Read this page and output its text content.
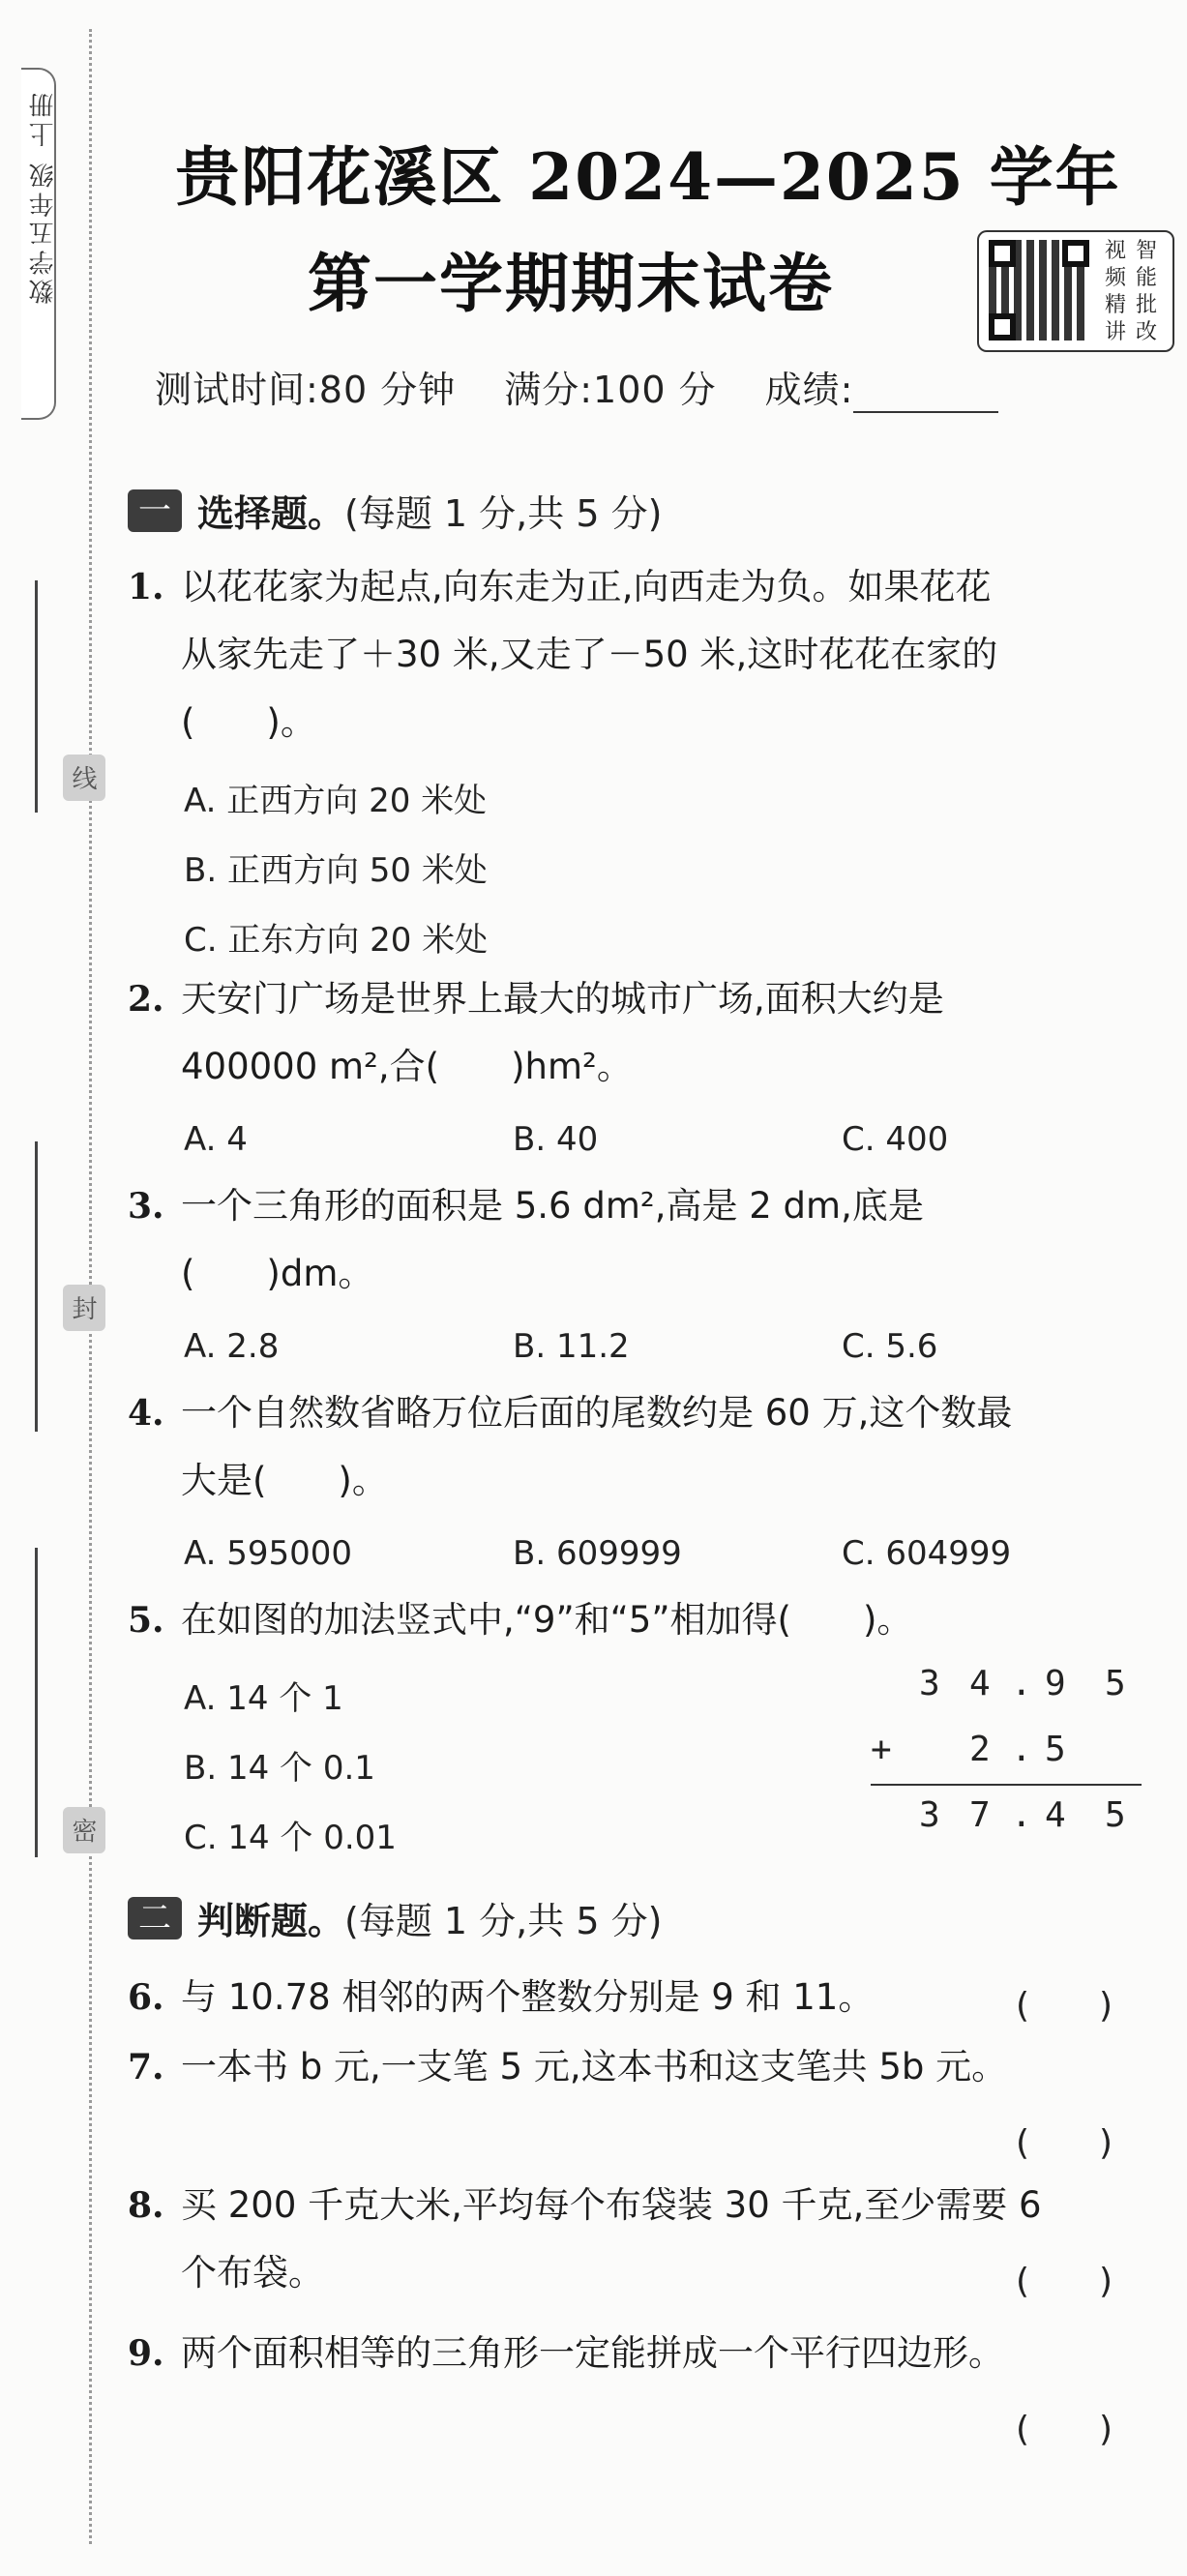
数学五年级 上册
线
封
密
贵阳花溪区 2024—2025 学年
第一学期期末试卷	视 智
频 能
精 批
讲 改
测试时间:80 分钟 满分:100 分 成绩:
一 选择题。(每题 1 分,共 5 分)
1. 以花花家为起点,向东走为正,向西走为负。如果花花
从家先走了＋30 米,又走了－50 米,这时花花在家的
(　　)。
A. 正西方向 20 米处
B. 正西方向 50 米处
C. 正东方向 20 米处
2. 天安门广场是世界上最大的城市广场,面积大约是
400000 m²,合(　　)hm²。
A. 4	B. 40	C. 400
3. 一个三角形的面积是 5.6 dm²,高是 2 dm,底是
(　　)dm。
A. 2.8	B. 11.2	C. 5.6
4. 一个自然数省略万位后面的尾数约是 60 万,这个数最
大是(　　)。
A. 595000	B. 609999	C. 604999
5. 在如图的加法竖式中,“9”和“5”相加得(　　)。
A. 14 个 1
B. 14 个 0.1
C. 14 个 0.01
3 4 . 9 5
+ 2 . 5
3 7 . 4 5
二 判断题。(每题 1 分,共 5 分)
6. 与 10.78 相邻的两个整数分别是 9 和 11。	(　　)
7. 一本书 b 元,一支笔 5 元,这本书和这支笔共 5b 元。
(　　)
8. 买 200 千克大米,平均每个布袋装 30 千克,至少需要 6
个布袋。	(　　)
9. 两个面积相等的三角形一定能拼成一个平行四边形。
(　　)
